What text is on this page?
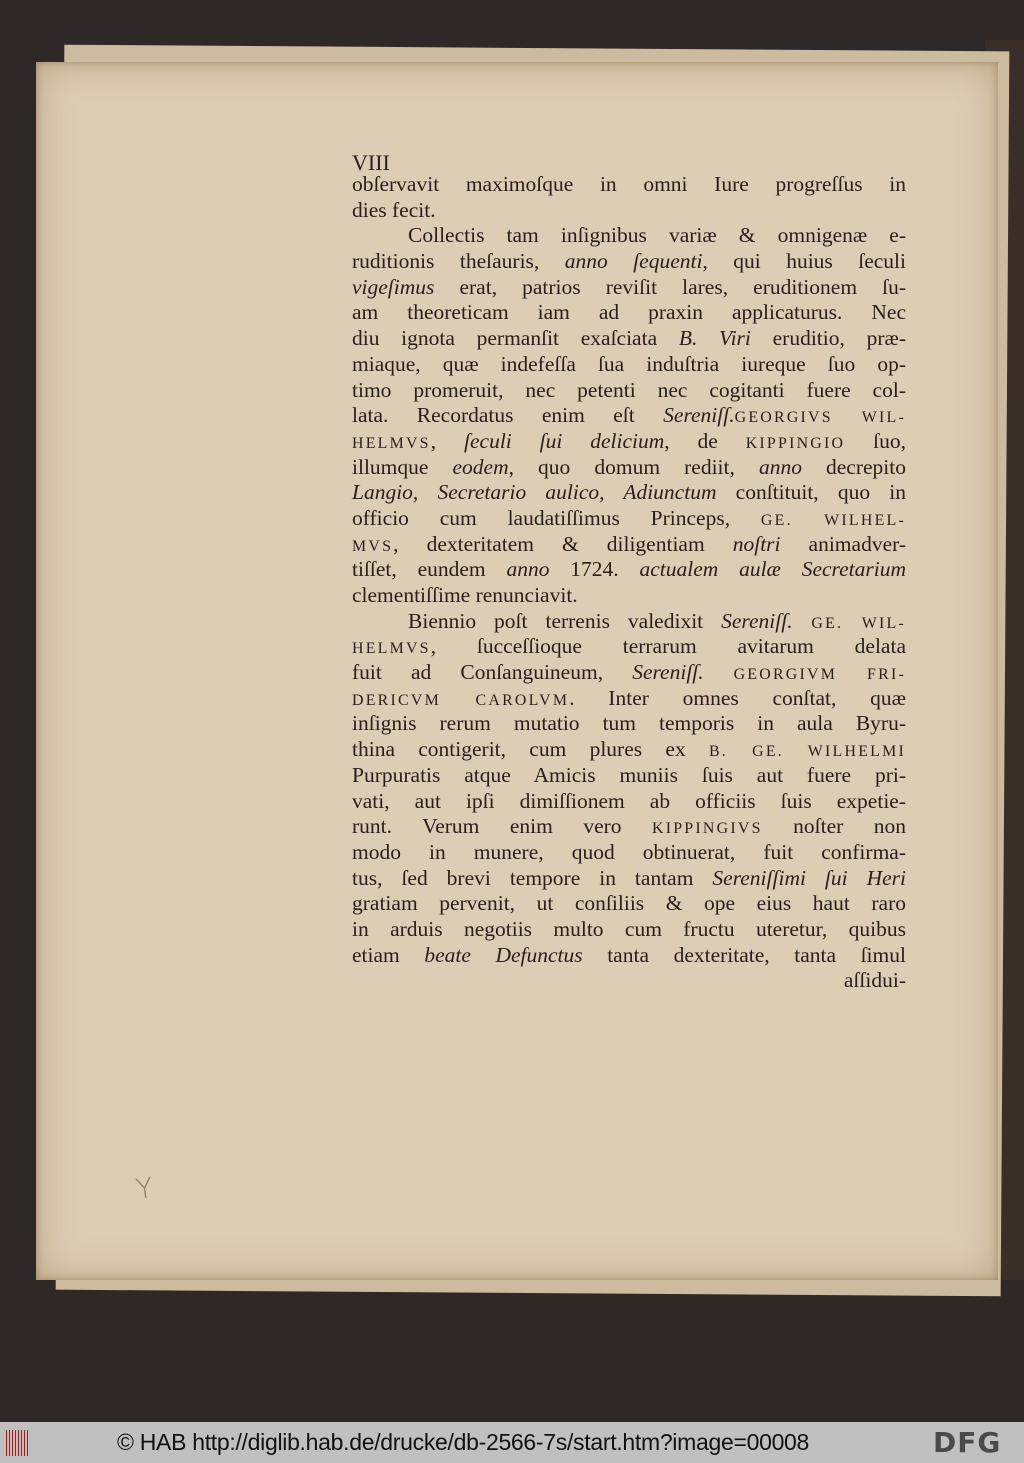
VIII
obſervavit maximoſque in omni Iure progreſſus in
dies fecit.
Collectis tam inſignibus variæ & omnigenæ e-
ruditionis theſauris, anno ſequenti, qui huius ſeculi
vigeſimus erat, patrios reviſit lares, eruditionem ſu-
am theoreticam iam ad praxin applicaturus. Nec
diu ignota permanſit exaſciata B. Viri eruditio, præ-
miaque, quæ indefeſſa ſua induſtria iureque ſuo op-
timo promeruit, nec petenti nec cogitanti fuere col-
lata. Recordatus enim eſt Sereniſſ.GEORGIVS WIL-
HELMVS, ſeculi ſui delicium, de KIPPINGIO ſuo,
illumque eodem, quo domum rediit, anno decrepito
Langio, Secretario aulico, Adiunctum conſtituit, quo in
officio cum laudatiſſimus Princeps, GE. WILHEL-
MVS, dexteritatem & diligentiam noſtri animadver-
tiſſet, eundem anno 1724. actualem aulæ Secretarium
clementiſſime renunciavit.
Biennio poſt terrenis valedixit Sereniſſ. GE. WIL-
HELMVS, ſucceſſioque terrarum avitarum delata
fuit ad Conſanguineum, Sereniſſ. GEORGIVM FRI-
DERICVM CAROLVM. Inter omnes conſtat, quæ
inſignis rerum mutatio tum temporis in aula Byru-
thina contigerit, cum plures ex B. GE. WILHELMI
Purpuratis atque Amicis muniis ſuis aut fuere pri-
vati, aut ipſi dimiſſionem ab officiis ſuis expetie-
runt. Verum enim vero KIPPINGIVS noſter non
modo in munere, quod obtinuerat, fuit confirma-
tus, ſed brevi tempore in tantam Sereniſſimi ſui Heri
gratiam pervenit, ut conſiliis & ope eius haut raro
in arduis negotiis multo cum fructu uteretur, quibus
etiam beate Defunctus tanta dexteritate, tanta ſimul
aſſidui-
Y
© HAB http://diglib.hab.de/drucke/db-2566-7s/start.htm?image=00008	DFG
